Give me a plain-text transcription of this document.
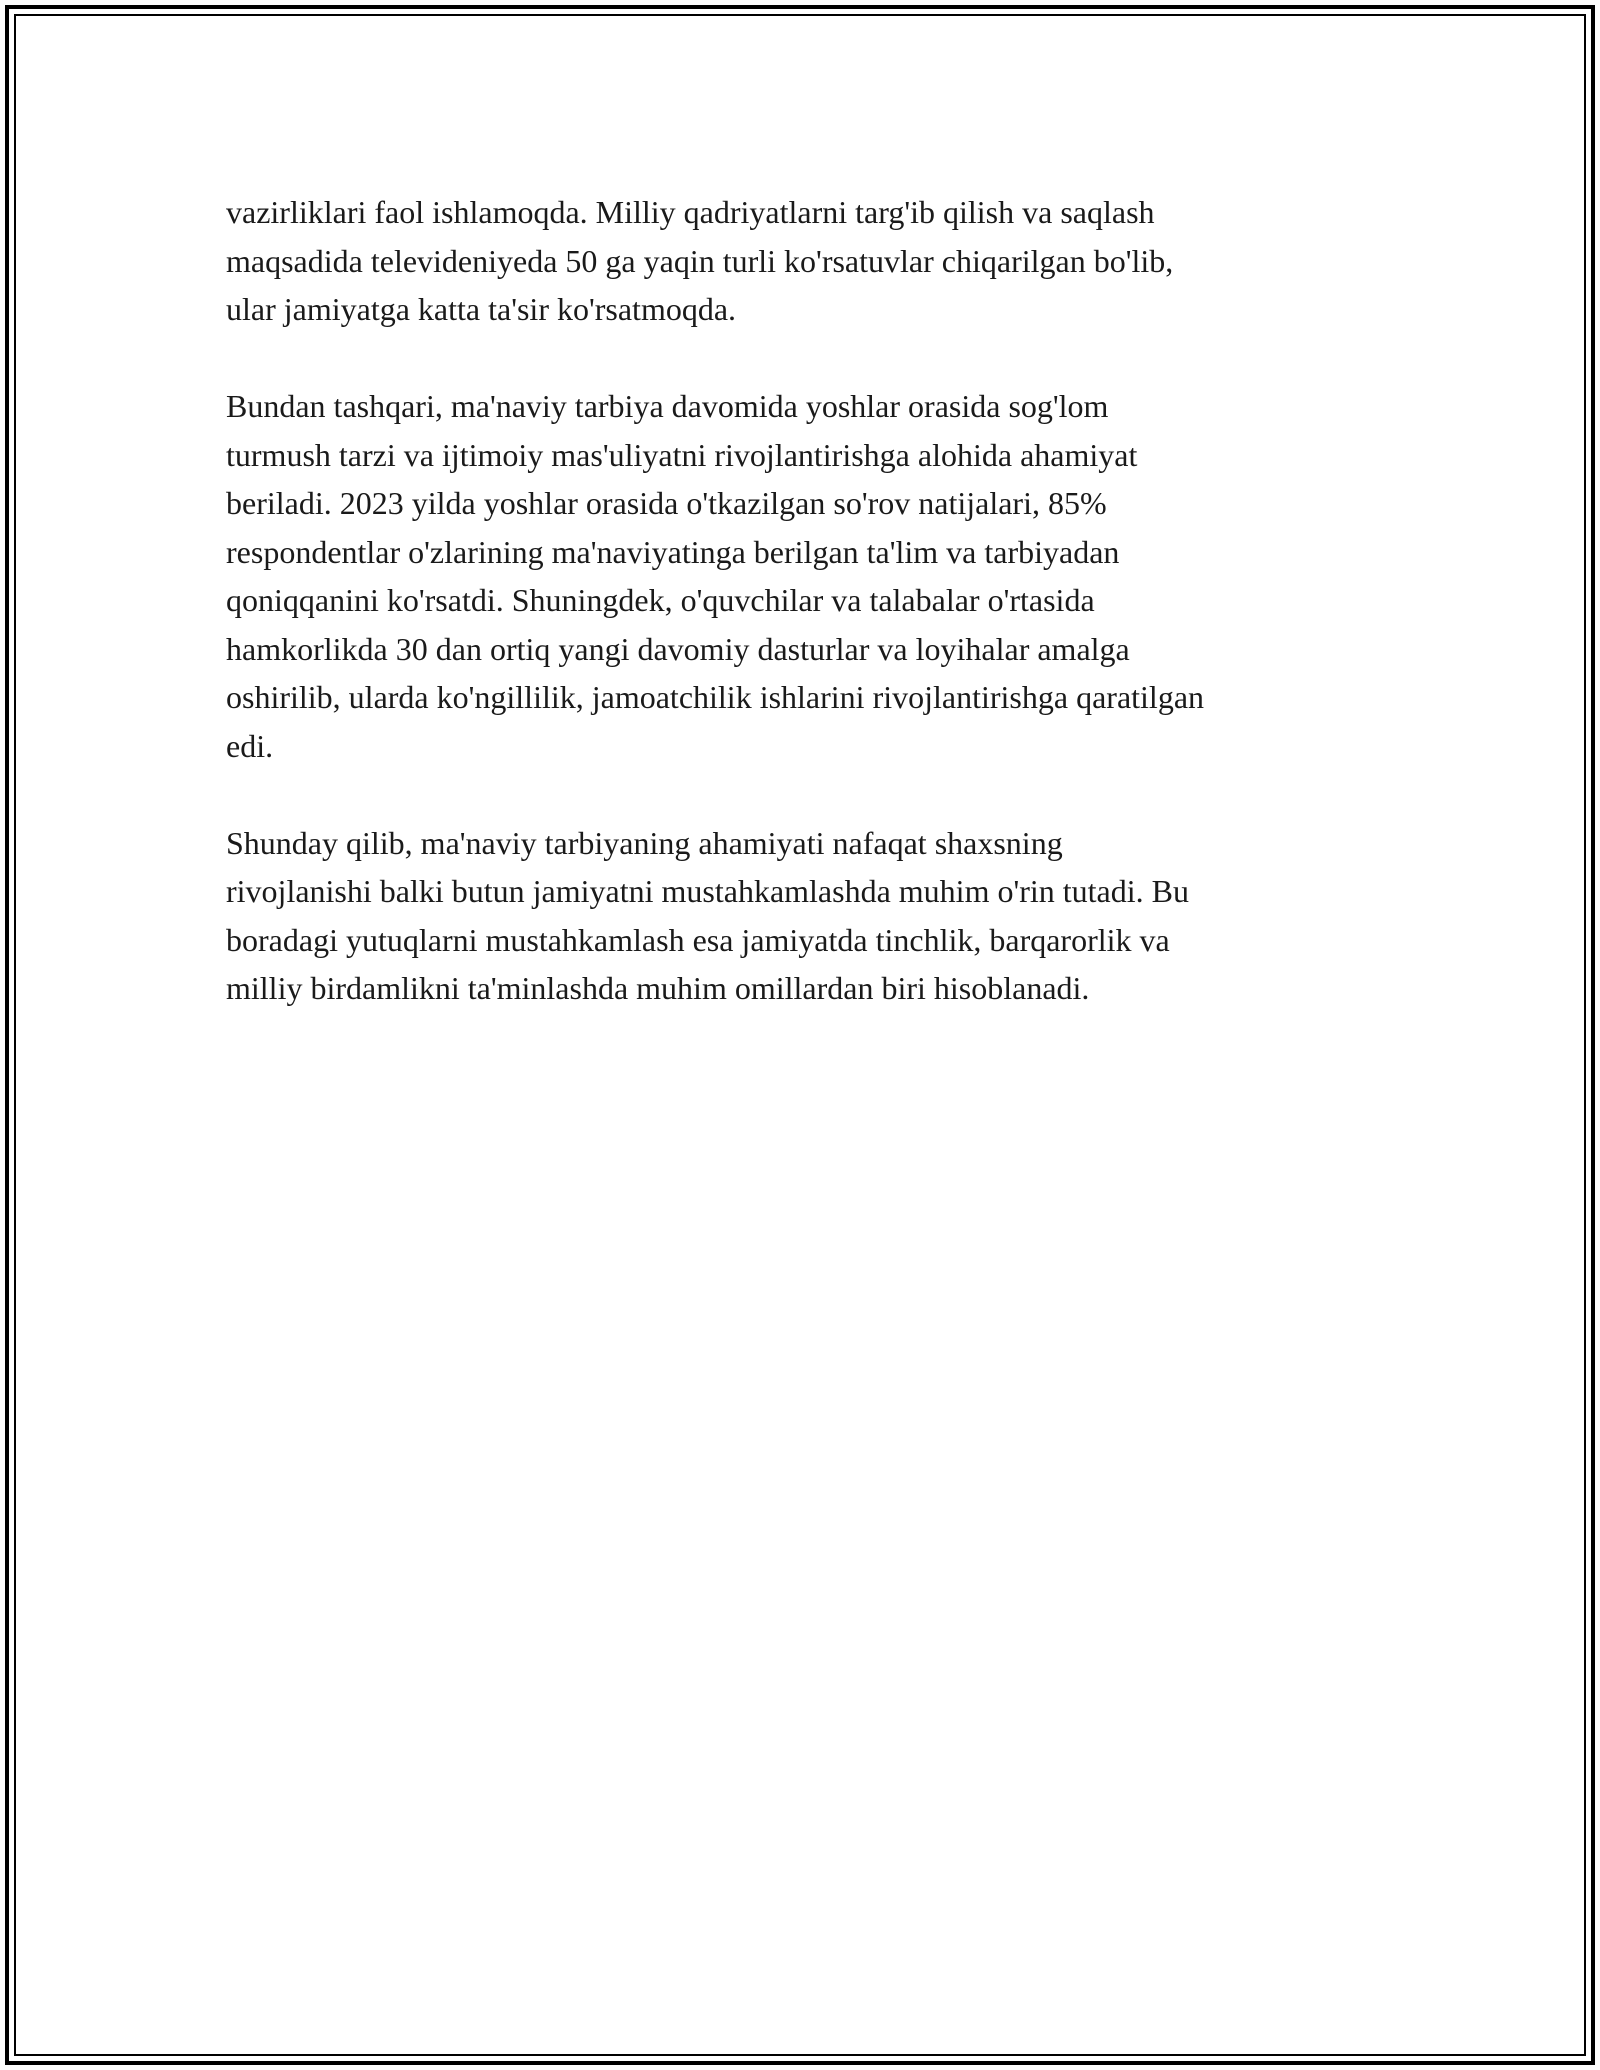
vazirliklari faol ishlamoqda. Milliy qadriyatlarni targ'ib qilish va saqlash
maqsadida televideniyeda 50 ga yaqin turli ko'rsatuvlar chiqarilgan bo'lib,
ular jamiyatga katta ta'sir ko'rsatmoqda.

Bundan tashqari, ma'naviy tarbiya davomida yoshlar orasida sog'lom
turmush tarzi va ijtimoiy mas'uliyatni rivojlantirishga alohida ahamiyat
beriladi. 2023 yilda yoshlar orasida o'tkazilgan so'rov natijalari, 85%
respondentlar o'zlarining ma'naviyatinga berilgan ta'lim va tarbiyadan
qoniqqanini ko'rsatdi. Shuningdek, o'quvchilar va talabalar o'rtasida
hamkorlikda 30 dan ortiq yangi davomiy dasturlar va loyihalar amalga
oshirilib, ularda ko'ngillilik, jamoatchilik ishlarini rivojlantirishga qaratilgan
edi.

Shunday qilib, ma'naviy tarbiyaning ahamiyati nafaqat shaxsning
rivojlanishi balki butun jamiyatni mustahkamlashda muhim o'rin tutadi. Bu
boradagi yutuqlarni mustahkamlash esa jamiyatda tinchlik, barqarorlik va
milliy birdamlikni ta'minlashda muhim omillardan biri hisoblanadi.
